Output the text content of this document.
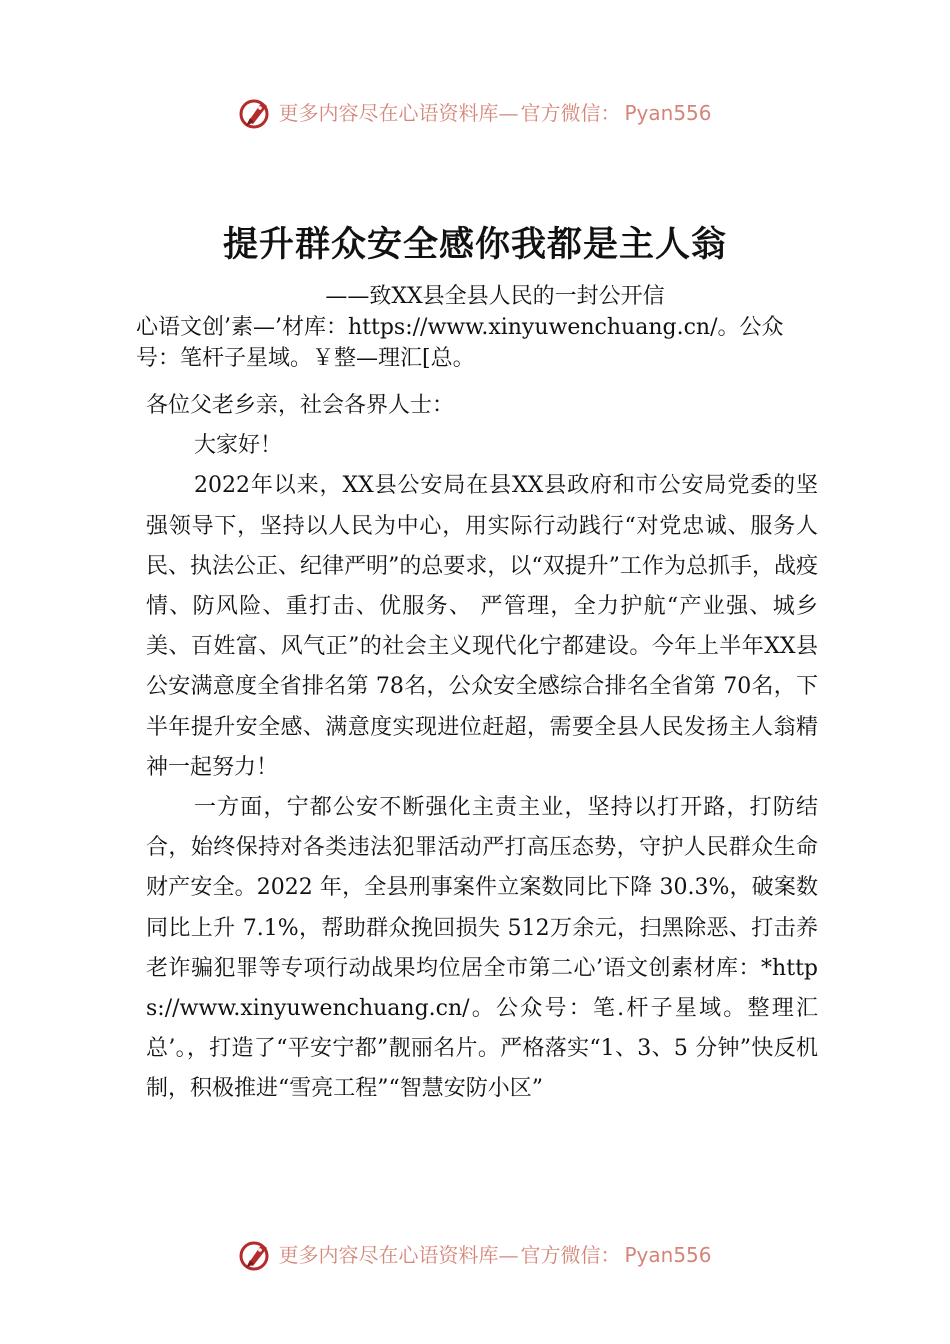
更多内容尽在心语资料库— 官方微信： Pyan556
提升群众安全感你我都是主人翁
——致XX县全县人民的一封公开信
心语文创’素—’材库：https://www.xinyuwenchuang.cn/。公众号：笔杆子星域。￥整—理汇[总。

各位父老乡亲，社会各界人士：

大家好！

2022年以来，XX县公安局在县XX县政府和市公安局党委的坚强领导下，坚持以人民为中心，用实际行动践行“对党忠诚、服务人民、执法公正、纪律严明”的总要求，以“双提升”工作为总抓手，战疫情、防风险、重打击、优服务、 严管理，全力护航“产业强、城乡美、百姓富、风气正”的社会主义现代化宁都建设。今年上半年XX县公安满意度全省排名第 78名，公众安全感综合排名全省第 70名，下半年提升安全感、满意度实现进位赶超，需要全县人民发扬主人翁精神一起努力！

一方面，宁都公安不断强化主责主业，坚持以打开路，打防结合，始终保持对各类违法犯罪活动严打高压态势，守护人民群众生命财产安全。2022 年，全县刑事案件立案数同比下降 30.3%，破案数同比上升 7.1%，帮助群众挽回损失 512万余元，扫黑除恶、打击养老诈骗犯罪等专项行动战果均位居全市第二心’语文创素材库：*https://www.xinyuwenchuang.cn/。公众号：笔.杆子星域。整理汇总’。，打造了“平安宁都”靓丽名片。严格落实“1、3、5 分钟”快反机制，积极推进“雪亮工程”“智慧安防小区”

更多内容尽在心语资料库— 官方微信： Pyan556
